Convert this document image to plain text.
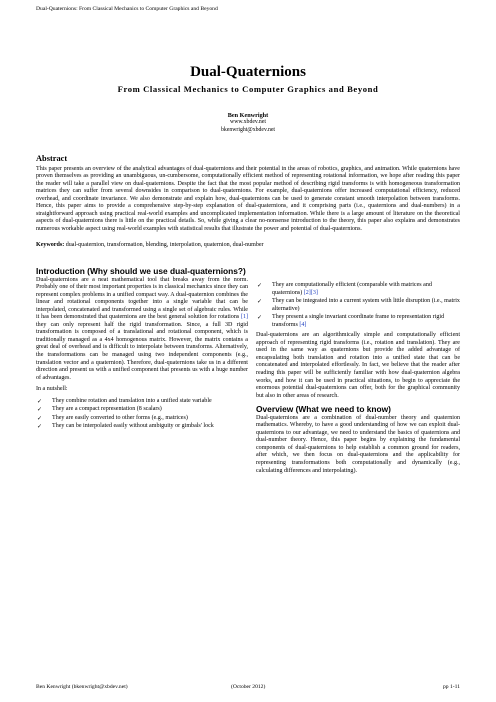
Dual-Quaternions: From Classical Mechanics to Computer Graphics and Beyond
Dual-Quaternions
From Classical Mechanics to Computer Graphics and Beyond
Ben Kenwright
www.xbdev.net
bkenwright@xbdev.net
Abstract
This paper presents an overview of the analytical advantages of dual-quaternions and their potential in the areas of robotics, graphics, and animation. While quaternions have proven themselves as providing an unambiguous, un-cumbersome, computationally efficient method of representing rotational information, we hope after reading this paper the reader will take a parallel view on dual-quaternions. Despite the fact that the most popular method of describing rigid transforms is with homogeneous transformation matrices they can suffer from several downsides in comparison to dual-quaternions. For example, dual-quaternions offer increased computational efficiency, reduced overhead, and coordinate invariance. We also demonstrate and explain how, dual-quaternions can be used to generate constant smooth interpolation between transforms. Hence, this paper aims to provide a comprehensive step-by-step explanation of dual-quaternions, and it comprising parts (i.e., quaternions and dual-numbers) in a straightforward approach using practical real-world examples and uncomplicated implementation information. While there is a large amount of literature on the theoretical aspects of dual-quaternions there is little on the practical details. So, while giving a clear no-nonsense introduction to the theory, this paper also explains and demonstrates numerous workable aspect using real-world examples with statistical results that illustrate the power and potential of dual-quaternions.
Keywords: dual-quaternion, transformation, blending, interpolation, quaternion, dual-number
Introduction (Why should we use dual-quaternions?)

Dual-quaternions are a neat mathematical tool that breaks away from the norm. Probably one of their most important properties is in classical mechanics since they can represent complex problems in a unified compact way. A dual-quaternion combines the linear and rotational components together into a single variable that can be interpolated, concatenated and transformed using a single set of algebraic rules. While it has been demonstrated that quaternions are the best general solution for rotations [1] they can only represent half the rigid transformation. Since, a full 3D rigid transformation is composed of a translational and rotational component, which is traditionally managed as a 4x4 homogenous matrix. However, the matrix contains a great deal of overhead and is difficult to interpolate between transforms. Alternatively, the transformations can be managed using two independent components (e.g., translation vector and a quaternion). Therefore, dual-quaternions take us in a different direction and present us with a unified component that presents us with a huge number of advantages.

In a nutshell:

✓ They combine rotation and translation into a unified state variable
✓ They are a compact representation (8 scalars)
✓ They are easily converted to other forms (e.g., matrices)
✓ They can be interpolated easily without ambiguity or gimbals' lock
✓ They are computationally efficient (comparable with matrices and quaternions) [2][3]
✓ They can be integrated into a current system with little disruption (i.e., matrix alternative)
✓ They present a single invariant coordinate frame to representation rigid transforms [4]

Dual-quaternions are an algorithmically simple and computationally efficient approach of representing rigid transforms (i.e., rotation and translation). They are used in the same way as quaternions but provide the added advantage of encapsulating both translation and rotation into a unified state that can be concatenated and interpolated effortlessly. In fact, we believe that the reader after reading this paper will be sufficiently familiar with how dual-quaternion algebra works, and how it can be used in practical situations, to begin to appreciate the enormous potential dual-quaternions can offer, both for the graphical community but also in other areas of research.

Overview (What we need to know)

Dual-quaternions are a combination of dual-number theory and quaternion mathematics. Whereby, to have a good understanding of how we can exploit dual-quaternions to our advantage, we need to understand the basics of quaternions and dual-number theory. Hence, this paper begins by explaining the fundamental components of dual-quaternions to help establish a common ground for readers, after which, we then focus on dual-quaternions and the applicability for representing transformations both computationally and dynamically (e.g., calculating differences and interpolating).

Ben Kenwright (bkenwright@xbdev.net)	(October 2012)	pp 1-11
